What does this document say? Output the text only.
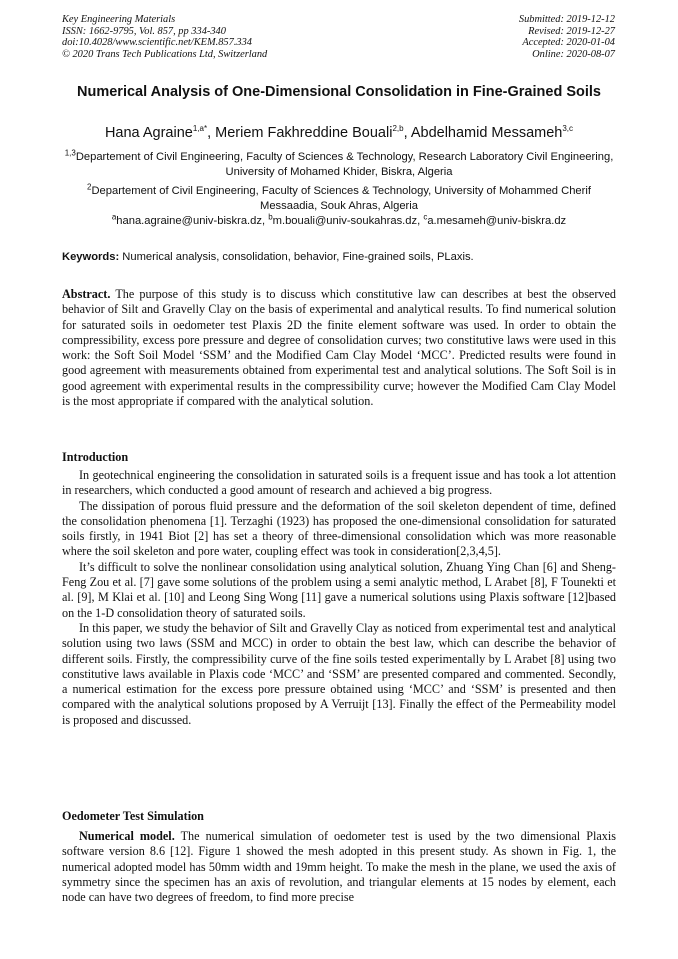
Key Engineering Materials
ISSN: 1662-9795, Vol. 857, pp 334-340
doi:10.4028/www.scientific.net/KEM.857.334
© 2020 Trans Tech Publications Ltd, Switzerland
Submitted: 2019-12-12
Revised: 2019-12-27
Accepted: 2020-01-04
Online: 2020-08-07
Numerical Analysis of One-Dimensional Consolidation in Fine-Grained Soils
Hana Agraine$^{1,a*}$, Meriem Fakhreddine Bouali$^{2,b}$, Abdelhamid Messameh$^{3,c}$
$^{1,3}$Departement of Civil Engineering, Faculty of Sciences & Technology, Research Laboratory Civil Engineering, University of Mohamed Khider, Biskra, Algeria
$^2$Departement of Civil Engineering, Faculty of Sciences & Technology, University of Mohammed Cherif Messaadia, Souk Ahras, Algeria
$^a$hana.agraine@univ-biskra.dz, $^b$m.bouali@univ-soukahras.dz, $^c$a.mesameh@univ-biskra.dz
Keywords: Numerical analysis, consolidation, behavior, Fine-grained soils, PLaxis.

Abstract. The purpose of this study is to discuss which constitutive law can describes at best the observed behavior of Silt and Gravelly Clay on the basis of experimental and analytical results. To find numerical solution for saturated soils in oedometer test Plaxis 2D the finite element software was used. In order to obtain the compressibility, excess pore pressure and degree of consolidation curves; two constitutive laws were used in this work: the Soft Soil Model ‘SSM’ and the Modified Cam Clay Model ‘MCC’. Predicted results were found in good agreement with measurements obtained from experimental test and analytical solutions. The Soft Soil is in good agreement with experimental results in the compressibility curve; however the Modified Cam Clay Model is the most appropriate if compared with the analytical solution.

Introduction

In geotechnical engineering the consolidation in saturated soils is a frequent issue and has took a lot attention in researchers, which conducted a good amount of research and achieved a big progress.

The dissipation of porous fluid pressure and the deformation of the soil skeleton dependent of time, defined the consolidation phenomena [1]. Terzaghi (1923) has proposed the one-dimensional consolidation for saturated soils firstly, in 1941 Biot [2] has set a theory of three-dimensional consolidation which was more reasonable where the soil skeleton and pore water, coupling effect was took in consideration[2,3,4,5].

It’s difficult to solve the nonlinear consolidation using analytical solution, Zhuang Ying Chan [6] and Sheng-Feng Zou et al. [7] gave some solutions of the problem using a semi analytic method, L Arabet [8], F Tounekti et al. [9], M Klai et al. [10] and Leong Sing Wong [11] gave a numerical solutions using Plaxis software [12]based on the 1-D consolidation theory of saturated soils.

In this paper, we study the behavior of Silt and Gravelly Clay as noticed from experimental test and analytical solution using two laws (SSM and MCC) in order to obtain the best law, which can describe the behavior of different soils. Firstly, the compressibility curve of the fine soils tested experimentally by L Arabet [8] using two constitutive laws available in Plaxis code ‘MCC’ and ‘SSM’ are presented compared and commented. Secondly, a numerical estimation for the excess pore pressure obtained using ‘MCC’ and ‘SSM’ is presented and then compared with the analytical solutions proposed by A Verruijt [13]. Finally the effect of the Permeability model is proposed and discussed.

Oedometer Test Simulation

Numerical model. The numerical simulation of oedometer test is used by the two dimensional Plaxis software version 8.6 [12]. Figure 1 showed the mesh adopted in this present study. As shown in Fig. 1, the numerical adopted model has 50mm width and 19mm height. To make the mesh in the plane, we used the axis of symmetry since the specimen has an axis of revolution, and triangular elements at 15 nodes by element, each node can have two degrees of freedom, to find more precise
